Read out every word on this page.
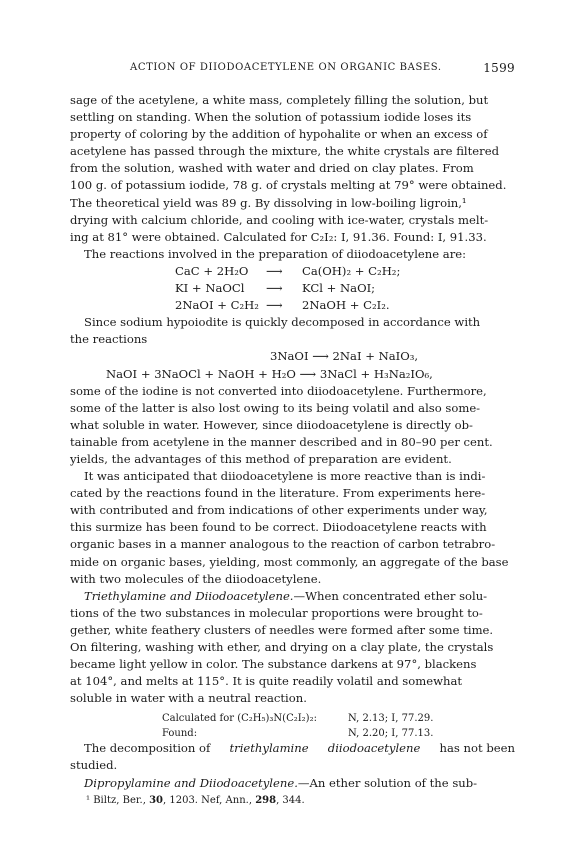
ACTION OF DIIODOACETYLENE ON ORGANIC BASES.	1599
sage of the acetylene, a white mass, completely filling the solution, but
settling on standing. When the solution of potassium iodide loses its
property of coloring by the addition of hypohalite or when an excess of
acetylene has passed through the mixture, the white crystals are filtered
from the solution, washed with water and dried on clay plates. From
100 g. of potassium iodide, 78 g. of crystals melting at 79° were obtained.
The theoretical yield was 89 g. By dissolving in low-boiling ligroin,¹
drying with calcium chloride, and cooling with ice-water, crystals melt-
ing at 81° were obtained. Calculated for C₂I₂: I, 91.36. Found: I, 91.33.
The reactions involved in the preparation of diiodoacetylene are:
CaC + 2H₂O ⟶ Ca(OH)₂ + C₂H₂;
KI + NaOCl ⟶ KCl + NaOI;
2NaOI + C₂H₂ ⟶ 2NaOH + C₂I₂.
Since sodium hypoiodite is quickly decomposed in accordance with
the reactions
3NaOI ⟶ 2NaI + NaIO₃,
NaOI + 3NaOCl + NaOH + H₂O ⟶ 3NaCl + H₃Na₂IO₆,
some of the iodine is not converted into diiodoacetylene. Furthermore,
some of the latter is also lost owing to its being volatil and also some-
what soluble in water. However, since diiodoacetylene is directly ob-
tainable from acetylene in the manner described and in 80–90 per cent.
yields, the advantages of this method of preparation are evident.
It was anticipated that diiodoacetylene is more reactive than is indi-
cated by the reactions found in the literature. From experiments here-
with contributed and from indications of other experiments under way,
this surmize has been found to be correct. Diiodoacetylene reacts with
organic bases in a manner analogous to the reaction of carbon tetrabro-
mide on organic bases, yielding, most commonly, an aggregate of the base
with two molecules of the diiodoacetylene.
Triethylamine and Diiodoacetylene.—When concentrated ether solu-
tions of the two substances in molecular proportions were brought to-
gether, white feathery clusters of needles were formed after some time.
On filtering, washing with ether, and drying on a clay plate, the crystals
became light yellow in color. The substance darkens at 97°, blackens
at 104°, and melts at 115°. It is quite readily volatil and somewhat
soluble in water with a neutral reaction.
Calculated for (C₂H₅)₃N(C₂I₂)₂:	N, 2.13; I, 77.29.
Found:	N, 2.20; I, 77.13.
The decomposition of triethylamine diiodoacetylene has not been
studied.
Dipropylamine and Diiodoacetylene.—An ether solution of the sub-
¹ Biltz, Ber., 30, 1203. Nef, Ann., 298, 344.
